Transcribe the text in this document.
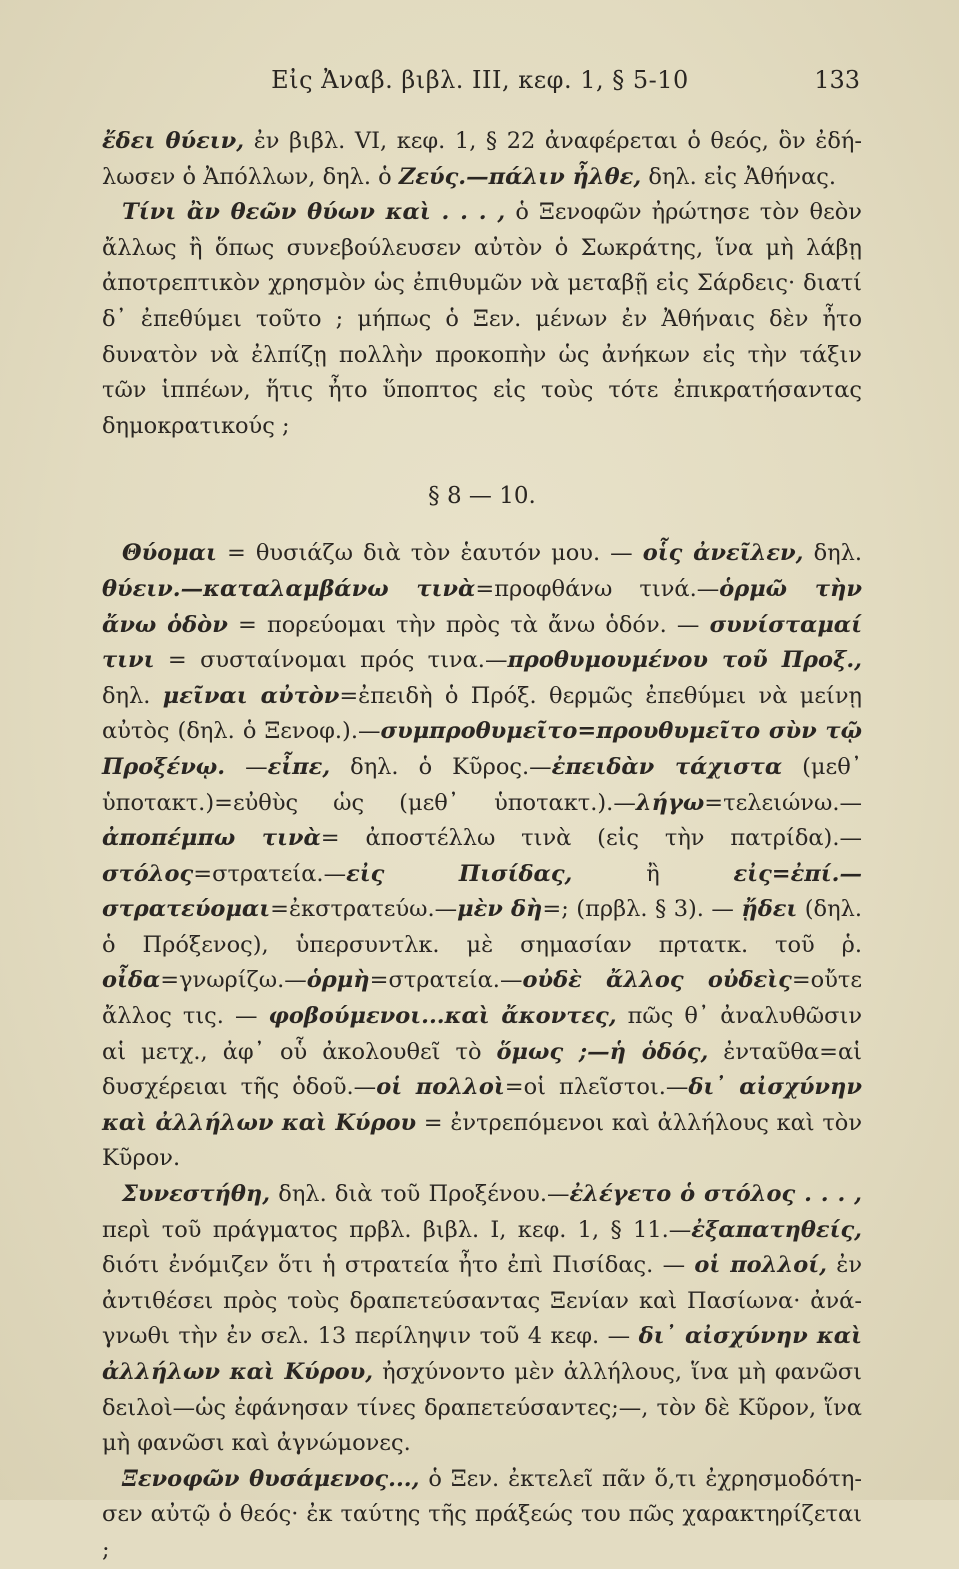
Εἰς Ἀναβ. βιβλ. III, κεφ. 1, § 5-10	133

ἔδει θύειν, ἐν βιβλ. VI, κεφ. 1, § 22 ἀναφέρεται ὁ θεός, ὃν ἐδήλωσεν ὁ Ἀπόλλων, δηλ. ὁ Ζεύς.—πάλιν ἦλθε, δηλ. εἰς Ἀθήνας.

Τίνι ἂν θεῶν θύων καὶ . . . , ὁ Ξενοφῶν ἠρώτησε τὸν θεὸν ἄλλως ἢ ὅπως συνεβούλευσεν αὐτὸν ὁ Σωκράτης, ἵνα μὴ λάβῃ ἀποτρεπτικὸν χρησμὸν ὡς ἐπιθυμῶν νὰ μεταβῇ εἰς Σάρδεις· διατί δ᾽ ἐπεθύμει τοῦτο ; μήπως ὁ Ξεν. μένων ἐν Ἀθήναις δὲν ἦτο δυνατὸν νὰ ἐλπίζῃ πολλὴν προκοπὴν ὡς ἀνήκων εἰς τὴν τάξιν τῶν ἱππέων, ἥτις ἦτο ὕποπτος εἰς τοὺς τότε ἐπικρατήσαντας δημοκρατικούς ;

§ 8 — 10.

Θύομαι = θυσιάζω διὰ τὸν ἑαυτόν μου. — οἷς ἀνεῖλεν, δηλ. θύειν.—καταλαμβάνω τινὰ=προφθάνω τινά.—ὁρμῶ τὴν ἄνω ὁδὸν = πορεύομαι τὴν πρὸς τὰ ἄνω ὁδόν. — συνίσταμαί τινι = συσταίνομαι πρός τινα.—προθυμουμένου τοῦ Προξ., δηλ. μεῖναι αὐτὸν=ἐπειδὴ ὁ Πρόξ. θερμῶς ἐπεθύμει νὰ μείνῃ αὐτὸς (δηλ. ὁ Ξενοφ.).—συμπροθυμεῖτο=προυθυμεῖτο σὺν τῷ Προξένῳ. —εἶπε, δηλ. ὁ Κῦρος.—ἐπειδὰν τάχιστα (μεθ᾽ ὑποτακτ.)=εὐθὺς ὡς (μεθ᾽ ὑποτακτ.).—λήγω=τελειώνω.—ἀποπέμπω τινὰ= ἀποστέλλω τινὰ (εἰς τὴν πατρίδα).—στόλος=στρατεία.—εἰς Πισίδας, ἢ εἰς=ἐπί.—στρατεύομαι=ἐκστρατεύω.—μὲν δὴ=; (πρβλ. § 3). — ᾔδει (δηλ. ὁ Πρόξενος), ὑπερσυντλκ. μὲ σημασίαν πρτατκ. τοῦ ῥ. οἶδα=γνωρίζω.—ὁρμὴ=στρατεία.—οὐδὲ ἄλλος οὐδεὶς=οὔτε ἄλλος τις. — φοβούμενοι...καὶ ἄκοντες, πῶς θ᾽ ἀναλυθῶσιν αἱ μετχ., ἀφ᾽ οὗ ἀκολουθεῖ τὸ ὅμως ;—ἡ ὁδός, ἐνταῦθα=αἱ δυσχέρειαι τῆς ὁδοῦ.—οἱ πολλοὶ=οἱ πλεῖστοι.—δι᾽ αἰσχύνην καὶ ἀλλήλων καὶ Κύρου = ἐντρεπόμενοι καὶ ἀλλήλους καὶ τὸν Κῦρον.

Συνεστήθη, δηλ. διὰ τοῦ Προξένου.—ἐλέγετο ὁ στόλος . . . , περὶ τοῦ πράγματος πρβλ. βιβλ. I, κεφ. 1, § 11.—ἐξαπατηθείς, διότι ἐνόμιζεν ὅτι ἡ στρατεία ἦτο ἐπὶ Πισίδας. — οἱ πολλοί, ἐν ἀντιθέσει πρὸς τοὺς δραπετεύσαντας Ξενίαν καὶ Πασίωνα· ἀνάγνωθι τὴν ἐν σελ. 13 περίληψιν τοῦ 4 κεφ. — δι᾽ αἰσχύνην καὶ ἀλλήλων καὶ Κύρου, ἠσχύνοντο μὲν ἀλλήλους, ἵνα μὴ φανῶσι δειλοὶ—ὡς ἐφάνησαν τίνες δραπετεύσαντες;—, τὸν δὲ Κῦρον, ἵνα μὴ φανῶσι καὶ ἀγνώμονες.

Ξενοφῶν θυσάμενος..., ὁ Ξεν. ἐκτελεῖ πᾶν ὅ,τι ἐχρησμοδότησεν αὐτῷ ὁ θεός· ἐκ ταύτης τῆς πράξεώς του πῶς χαρακτηρίζεται ;
